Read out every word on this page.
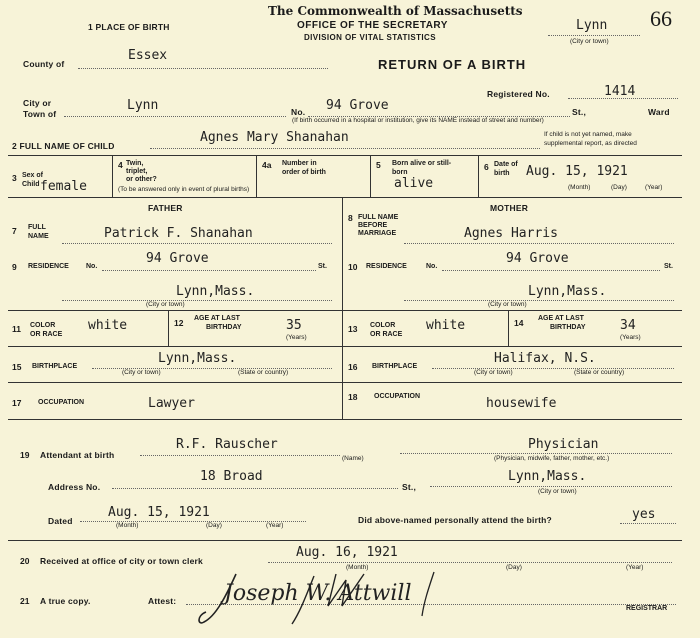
1 PLACE OF BIRTH
The Commonwealth of Massachusetts
OFFICE OF THE SECRETARY
DIVISION OF VITAL STATISTICS
Lynn
(City or town)
66
County of
Essex
RETURN OF A BIRTH
Registered No.	1414
City or
Town of
Lynn	No. 94 Grove	St.,	Ward
(If birth occurred in a hospital or institution, give its NAME instead of street and number)
2 FULL NAME OF CHILD
Agnes Mary Shanahan	If child is not yet named, make
supplemental report, as directed
3 Sex of
Child female
4 Twin,
triplet,
or other?
(To be answered only in event of plural births)
4a Number in
order of birth
5 Born alive or still-
born
alive
6 Date of
birth Aug. 15, 1921
(Month)	(Day)	(Year)
FATHER	MOTHER
7 FULL
NAME	Patrick F. Shanahan
8 FULL NAME
BEFORE
MARRIAGE	Agnes Harris
9 RESIDENCE No.
94 Grove
St.
Lynn,Mass.
(City or town)
10 RESIDENCE	No.
94 Grove
St.
Lynn,Mass.
(City or town)
11 COLOR
OR RACE
white	12 AGE AT LAST
BIRTHDAY	35
(Years)
13 COLOR
OR RACE
white	14 AGE AT LAST
BIRTHDAY	34
(Years)
15 BIRTHPLACE
Lynn,Mass.
(City or town)	(State or country)
16 BIRTHPLACE
Halifax, N.S.
(City or town)	(State or country)
17 OCCUPATION	Lawyer	18 OCCUPATION	housewife
19 Attendant at birth
R.F. Rauscher
(Name)
Physician
(Physician, midwife, father, mother, etc.)
Address No.
18 Broad
St.,
Lynn,Mass.
(City or town)
Dated
Aug. 15, 1921
(Month)	(Day)	(Year)
Did above-named personally attend the birth?	yes
20 Received at office of city or town clerk
Aug. 16, 1921
(Month)	(Day)	(Year)
21 A true copy.	Attest: Joseph W. Attwill
REGISTRAR
